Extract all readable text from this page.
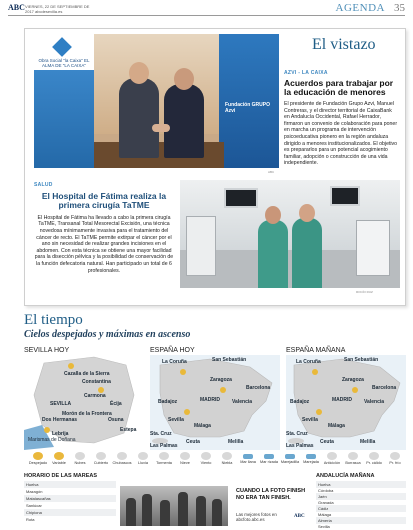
ABC VIERNES, 22 DE SEPTIEMBRE DE 2017 abcdesevilla.es	AGENDA 35
El vistazo
Obra Social "la Caixa" EL ALMA DE "LA CAIXA"
Fundación GRUPO Azvi
ABC
AZVI - LA CAIXA
Acuerdos para trabajar por la educación de menores

El presidente de Fundación Grupo Azvi, Manuel Contreras, y el director territorial de CaixaBank en Andalucía Occidental, Rafael Herrador, firmaron un convenio de colaboración para poner en marcha un programa de intervención psicoeducativa pionero en la región andaluza dirigido a menores institucionalizados. El objetivo es prepararlos para un potencial acogimiento familiar, adopción o construcción de una vida independiente.

SALUD
El Hospital de Fátima realiza la primera cirugía TaTME

El Hospital de Fátima ha llevado a cabo la primera cirugía TaTME, Transanal Total Mesorectal Excisión, una técnica novedosa mínimamente invasiva para el tratamiento del cáncer de recto. El TaTME permite extirpar el cáncer por el ano sin necesidad de realizar grandes incisiones en el abdomen. Con esta técnica se obtiene una mayor facilidad para la disección pélvica y la posibilidad de conservación de la función defecatoria natural. Han participado un total de 6 profesionales.

ROCÍO RUZ
El tiempo
Cielos despejados y máximas en ascenso
SEVILLA HOY	ESPAÑA HOY	ESPAÑA MAÑANA
Cazalla de la Sierra
Constantina
Carmona
SEVILLA	Écija
Osuna
Estepa
Morón de la Frontera
Dos Hermanas
Lebrija
Marismas de Doñana
La Coruña	San Sebastián
Zaragoza
Barcelona
MADRID
Badajoz	Valencia
Sevilla
Málaga
Sta. Cruz
Las Palmas
Ceuta	Melilla
La Coruña	San Sebastián
Zaragoza
Barcelona
MADRID
Badajoz	Valencia
Sevilla
Málaga
Sta. Cruz
Las Palmas
Ceuta	Melilla
Despejado	Variable	Nubes	Cubierto	Chubascos	Lluvia	Tormenta	Nieve	Viento	Niebla	Mar llana	Mar rizada Marejadilla	Marejada	Anticiclón	Borrasca	Pr. cálido	Pr. frío
HORARIO DE LAS MAREAS
Huelva
Mazagón
Matalascañas
Sanlúcar
Chipiona
Rota
CUANDO LA FOTO FINISH NO ERA TAN FINISH.
Las mejores fotos en abcfoto.abc.es
ABC
ANDALUCÍA MAÑANA
Huelva
Córdoba
Jaén
Granada
Cádiz
Málaga
Almería
Sevilla
